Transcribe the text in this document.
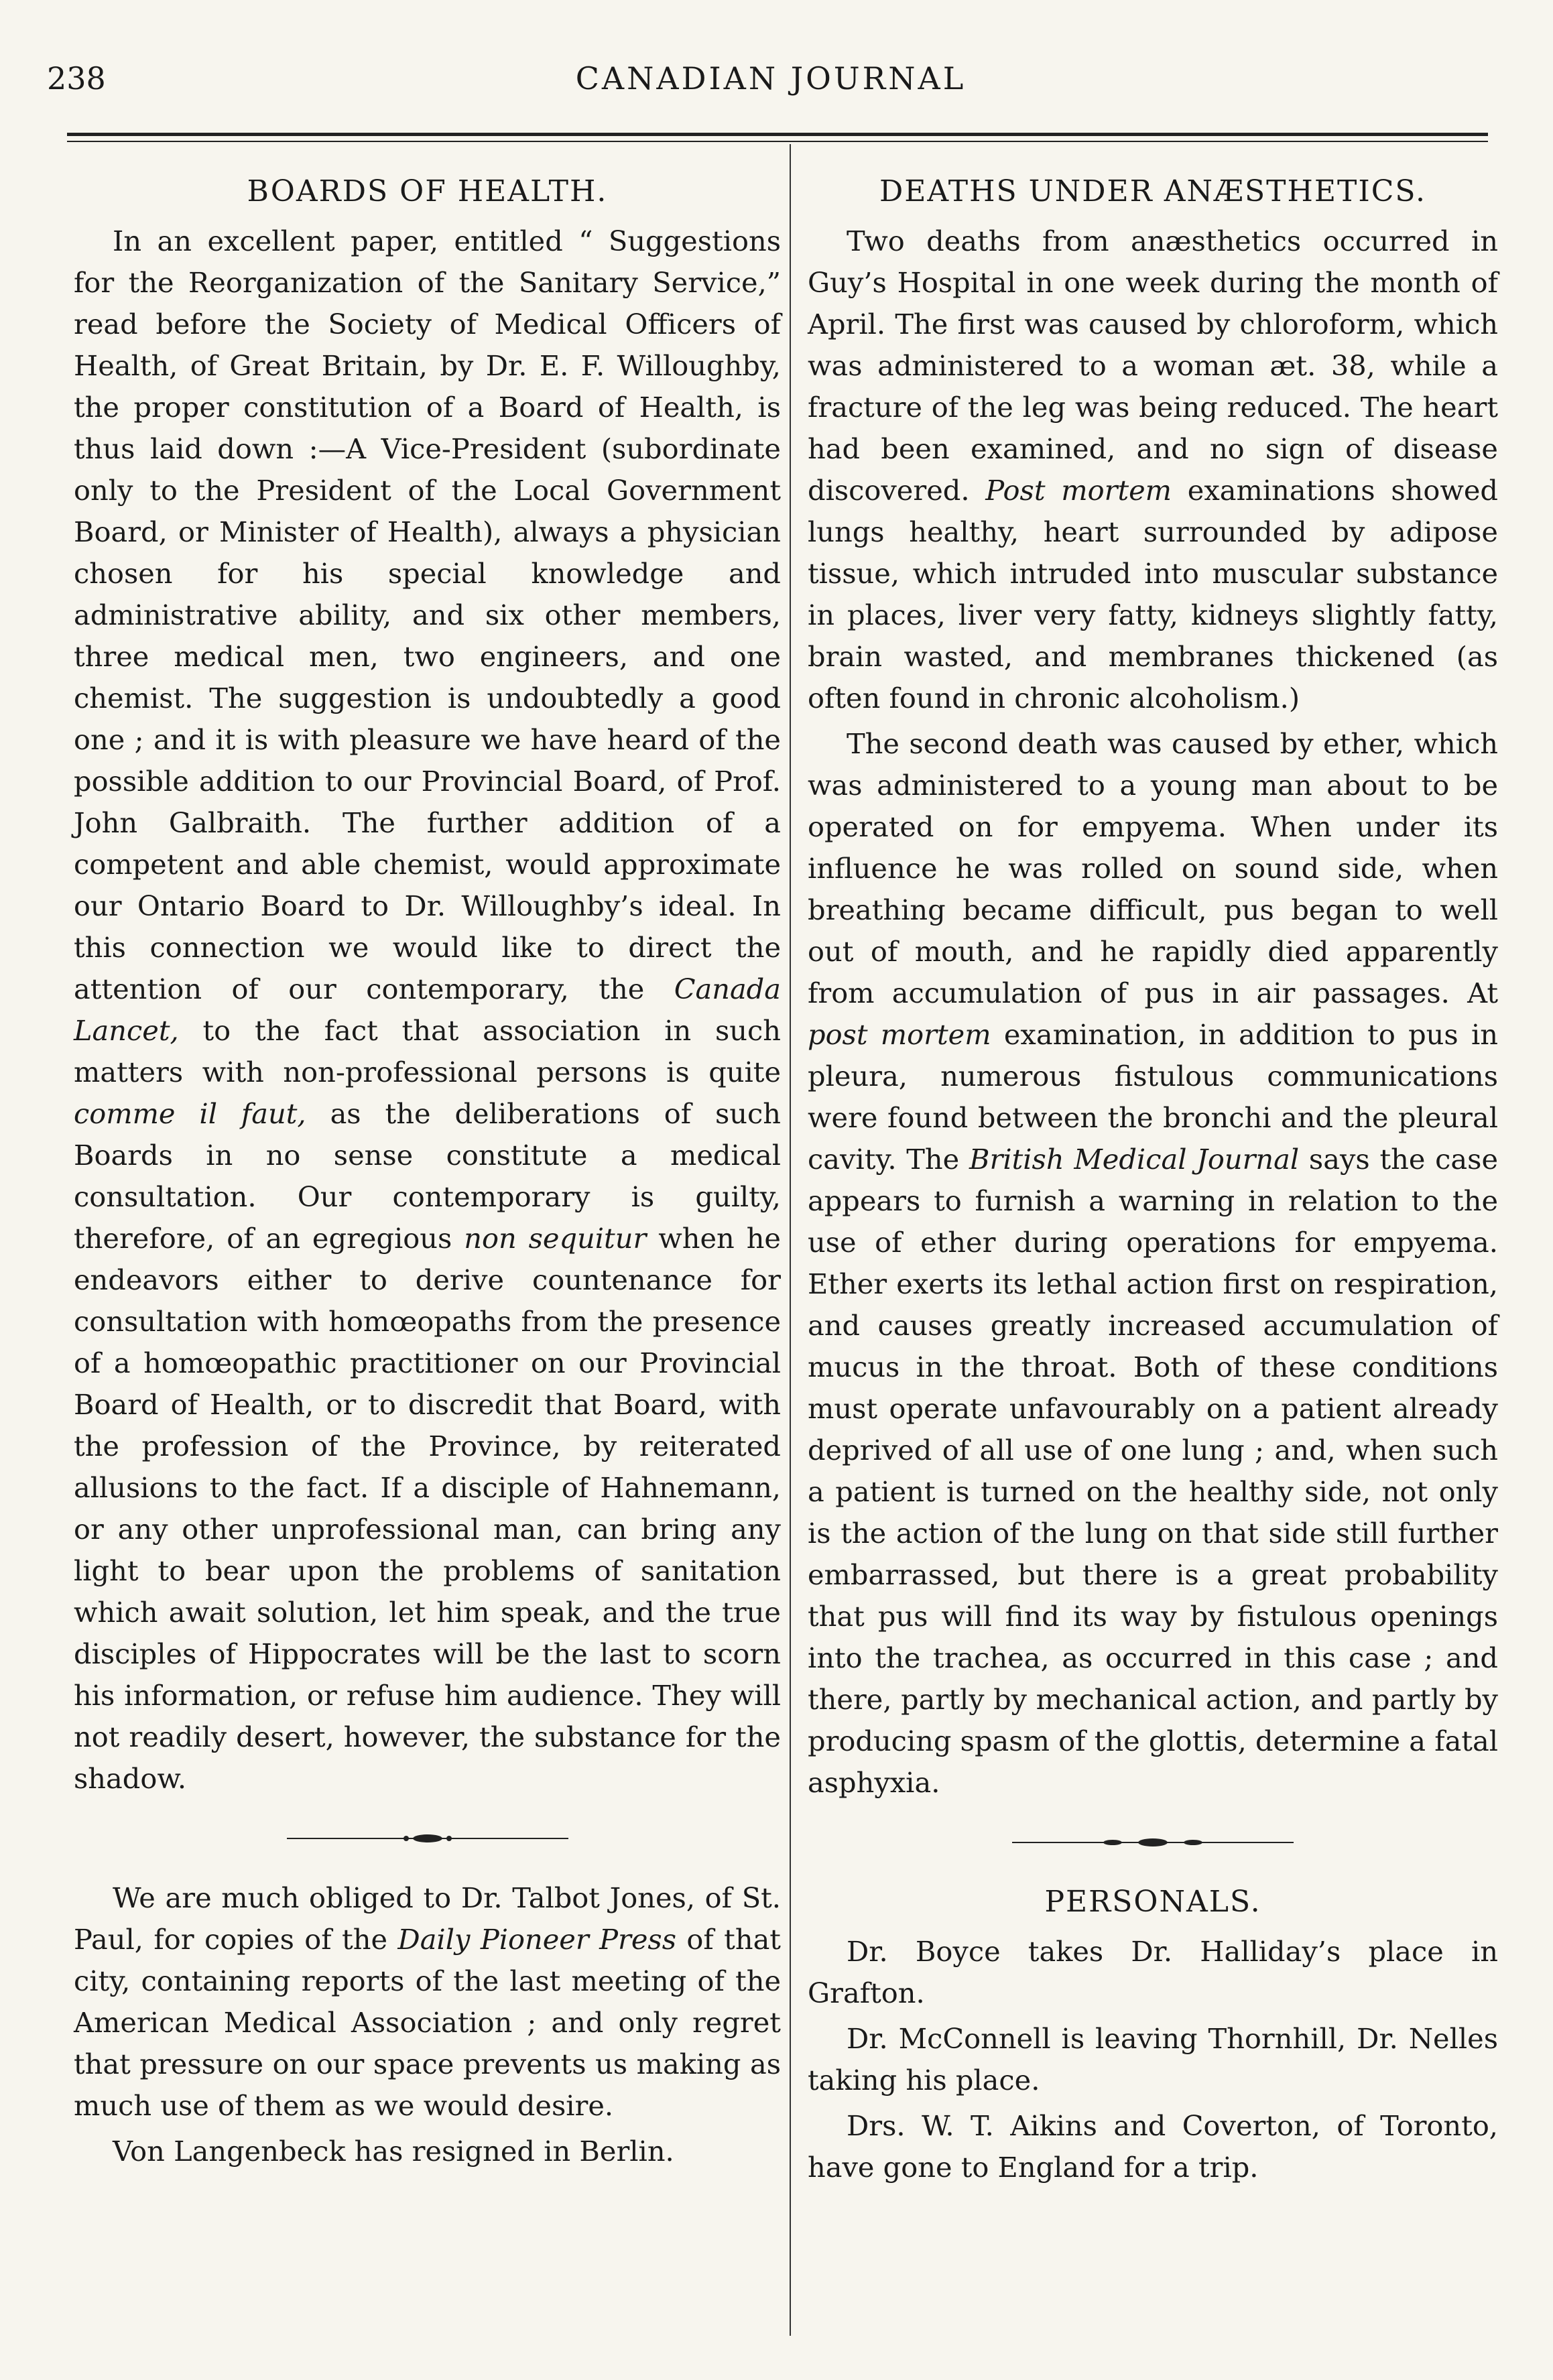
238	CANADIAN JOURNAL
BOARDS OF HEALTH.

In an excellent paper, entitled “ Suggestions for the Reorganization of the Sanitary Service,” read before the Society of Medical Officers of Health, of Great Britain, by Dr. E. F. Willoughby, the proper constitution of a Board of Health, is thus laid down :—A Vice-President (subordinate only to the President of the Local Government Board, or Minister of Health), always a physician chosen for his special knowledge and administrative ability, and six other members, three medical men, two engineers, and one chemist. The suggestion is undoubtedly a good one ; and it is with pleasure we have heard of the possible addition to our Provincial Board, of Prof. John Galbraith. The further addition of a competent and able chemist, would approximate our Ontario Board to Dr. Willoughby’s ideal. In this connection we would like to direct the attention of our contemporary, the Canada Lancet, to the fact that association in such matters with non-professional persons is quite comme il faut, as the deliberations of such Boards in no sense constitute a medical consultation. Our contemporary is guilty, therefore, of an egregious non sequitur when he endeavors either to derive countenance for consultation with homœopaths from the presence of a homœopathic practitioner on our Provincial Board of Health, or to discredit that Board, with the profession of the Province, by reiterated allusions to the fact. If a disciple of Hahnemann, or any other unprofessional man, can bring any light to bear upon the problems of sanitation which await solution, let him speak, and the true disciples of Hippocrates will be the last to scorn his information, or refuse him audience. They will not readily desert, however, the substance for the shadow.

We are much obliged to Dr. Talbot Jones, of St. Paul, for copies of the Daily Pioneer Press of that city, containing reports of the last meeting of the American Medical Association ; and only regret that pressure on our space prevents us making as much use of them as we would desire.

Von Langenbeck has resigned in Berlin.

DEATHS UNDER ANÆSTHETICS.

Two deaths from anæsthetics occurred in Guy’s Hospital in one week during the month of April. The first was caused by chloroform, which was administered to a woman æt. 38, while a fracture of the leg was being reduced. The heart had been examined, and no sign of disease discovered. Post mortem examinations showed lungs healthy, heart surrounded by adipose tissue, which intruded into muscular substance in places, liver very fatty, kidneys slightly fatty, brain wasted, and membranes thickened (as often found in chronic alcoholism.)

The second death was caused by ether, which was administered to a young man about to be operated on for empyema. When under its influence he was rolled on sound side, when breathing became difficult, pus began to well out of mouth, and he rapidly died apparently from accumulation of pus in air passages. At post mortem examination, in addition to pus in pleura, numerous fistulous communications were found between the bronchi and the pleural cavity. The British Medical Journal says the case appears to furnish a warning in relation to the use of ether during operations for empyema. Ether exerts its lethal action first on respiration, and causes greatly increased accumulation of mucus in the throat. Both of these conditions must operate unfavourably on a patient already deprived of all use of one lung ; and, when such a patient is turned on the healthy side, not only is the action of the lung on that side still further embarrassed, but there is a great probability that pus will find its way by fistulous openings into the trachea, as occurred in this case ; and there, partly by mechanical action, and partly by producing spasm of the glottis, determine a fatal asphyxia.

PERSONALS.

Dr. Boyce takes Dr. Halliday’s place in Grafton.

Dr. McConnell is leaving Thornhill, Dr. Nelles taking his place.

Drs. W. T. Aikins and Coverton, of Toronto, have gone to England for a trip.
